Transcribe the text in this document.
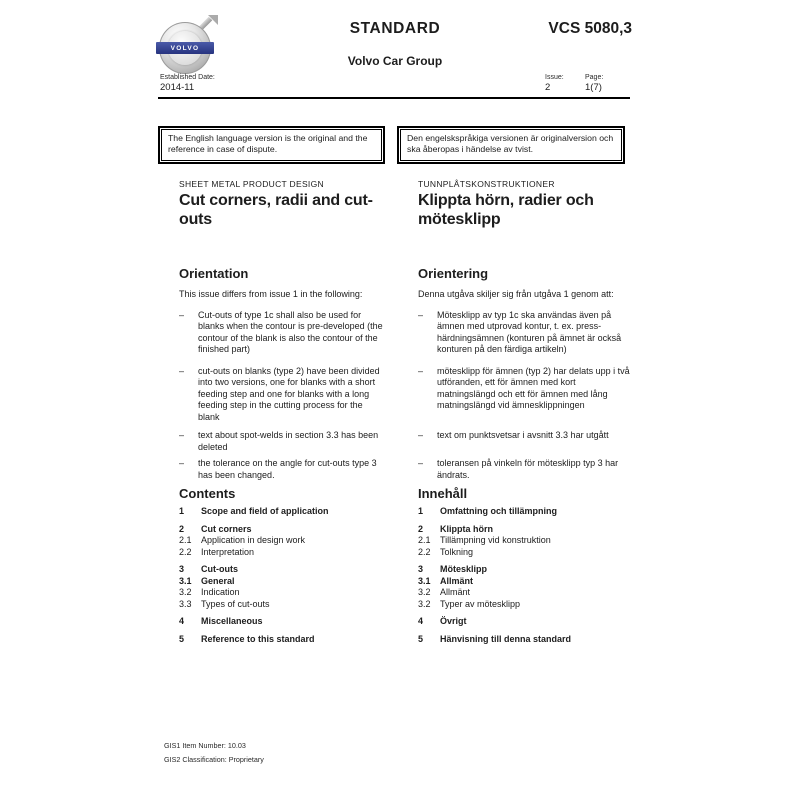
VOLVO
STANDARD
Volvo Car Group
VCS 5080,3
Established Date:
2014-11
Issue:
2
Page:
1(7)
The English language version is the original and the reference in case of dispute.
Den engelskspråkiga versionen är originalversion och ska åberopas i händelse av tvist.
SHEET METAL PRODUCT DESIGN	TUNNPLÅTSKONSTRUKTIONER
Cut corners, radii and cut-outs
Klippta hörn, radier och mötesklipp
Orientation	Orientering
This issue differs from issue 1 in the following:	Denna utgåva skiljer sig från utgåva 1 genom att:
–	Cut-outs of type 1c shall also be used for blanks when the contour is pre-developed (the contour of the blank is also the contour of the finished part)
–	Mötesklipp av typ 1c ska användas även på ämnen med utprovad kontur, t. ex. press-härdningsämnen (konturen på ämnet är också konturen på den färdiga artikeln)
–	cut-outs on blanks (type 2) have been divided into two versions, one for blanks with a short feeding step and one for blanks with a long feeding step in the cutting process for the blank
–	mötesklipp för ämnen (typ 2) har delats upp i två utföranden, ett för ämnen med kort matningslängd och ett för ämnen med lång matningslängd vid ämnesklippningen
–	text about spot-welds in section 3.3 has been deleted
–	text om punktsvetsar i avsnitt 3.3 har utgått
–	the tolerance on the angle for cut-outs type 3 has been changed.
–	toleransen på vinkeln för mötesklipp typ 3 har ändrats.
Contents	Innehåll
1	Scope and field of application	1	Omfattning och tillämpning
2	Cut corners	2	Klippta hörn
2.1	Application in design work	2.1	Tillämpning vid konstruktion
2.2	Interpretation	2.2	Tolkning
3	Cut-outs	3	Mötesklipp
3.1	General	3.1	Allmänt
3.2	Indication	3.2	Allmänt
3.3	Types of cut-outs	3.2	Typer av mötesklipp
4	Miscellaneous	4	Övrigt
5	Reference to this standard	5	Hänvisning till denna standard
GIS1 Item Number: 10.03
GIS2 Classification: Proprietary
